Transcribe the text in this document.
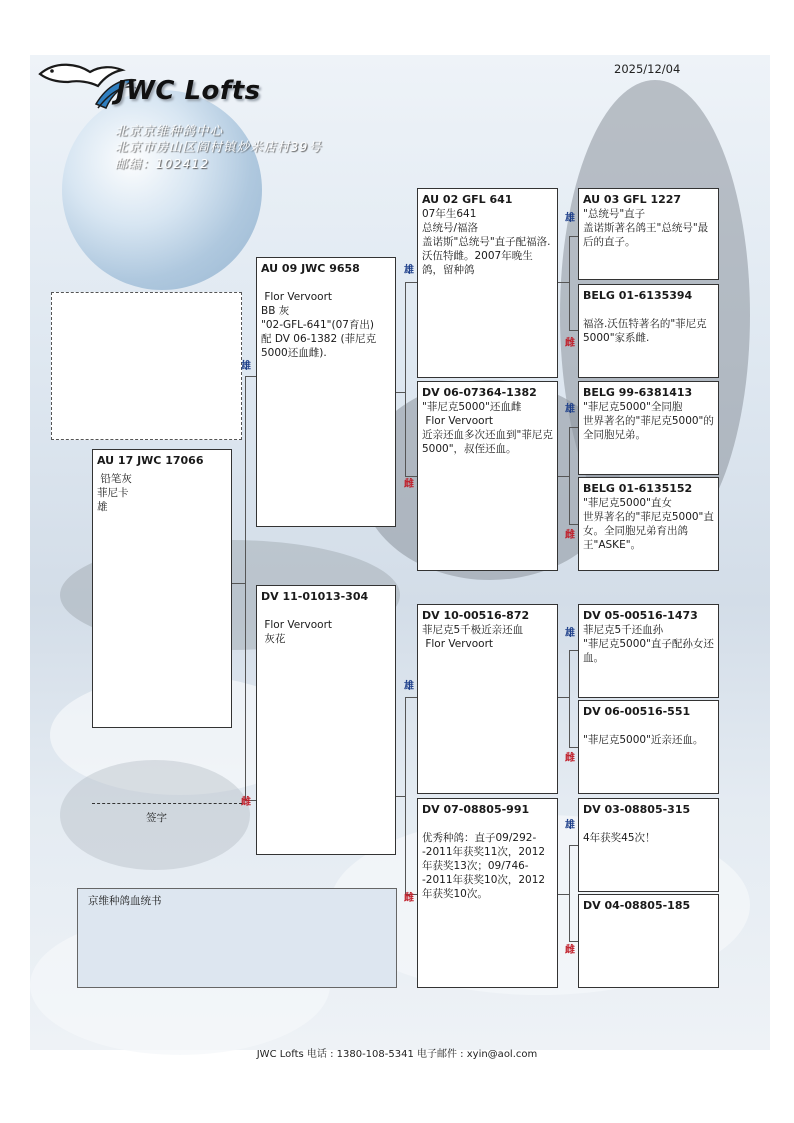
JWC Lofts
北京京维种鸽中心
北京市房山区阎村镇炒米店村39号
邮编：102412
2025/12/04
雄
雌
雄
雌
雄
雌
雄
雌
雄
雌
雄
雌
雄
雌
AU 17 JWC 17066
铅笔灰
菲尼卡
雄
AU 09 JWC 9658

Flor Vervoort
BB 灰
"02-GFL-641"(07育出)
配 DV 06-1382 (菲尼克5000还血雌).
DV 11-01013-304

Flor Vervoort
灰花
AU 02 GFL 641
07年生641
总统号/福洛
盖诺斯"总统号"直子配福洛.沃伍特雌。2007年晚生鸽，留种鸽
DV 06-07364-1382
"菲尼克5000"还血雌
Flor Vervoort
近亲还血多次还血到"菲尼克5000"，叔侄还血。
DV 10-00516-872
菲尼克5千极近亲还血
Flor Vervoort
DV 07-08805-991

优秀种鸽：直子09/292--2011年获奖11次，2012年获奖13次；09/746--2011年获奖10次，2012年获奖10次。
AU 03 GFL 1227
"总统号"直子
盖诺斯著名鸽王"总统号"最后的直子。
BELG 01-6135394

福洛.沃伍特著名的"菲尼克5000"家系雌.
BELG 99-6381413
"菲尼克5000"全同胞
世界著名的"菲尼克5000"的全同胞兄弟。
BELG 01-6135152
"菲尼克5000"直女
世界著名的"菲尼克5000"直女。全同胞兄弟育出鸽王"ASKE"。
DV 05-00516-1473
菲尼克5千还血孙
"菲尼克5000"直子配孙女还血。
DV 06-00516-551

"菲尼克5000"近亲还血。
DV 03-08805-315

4年获奖45次！
DV 04-08805-185
签字
京维种鸽血统书
JWC Lofts 电话 : 1380-108-5341 电子邮件 : xyin@aol.com
